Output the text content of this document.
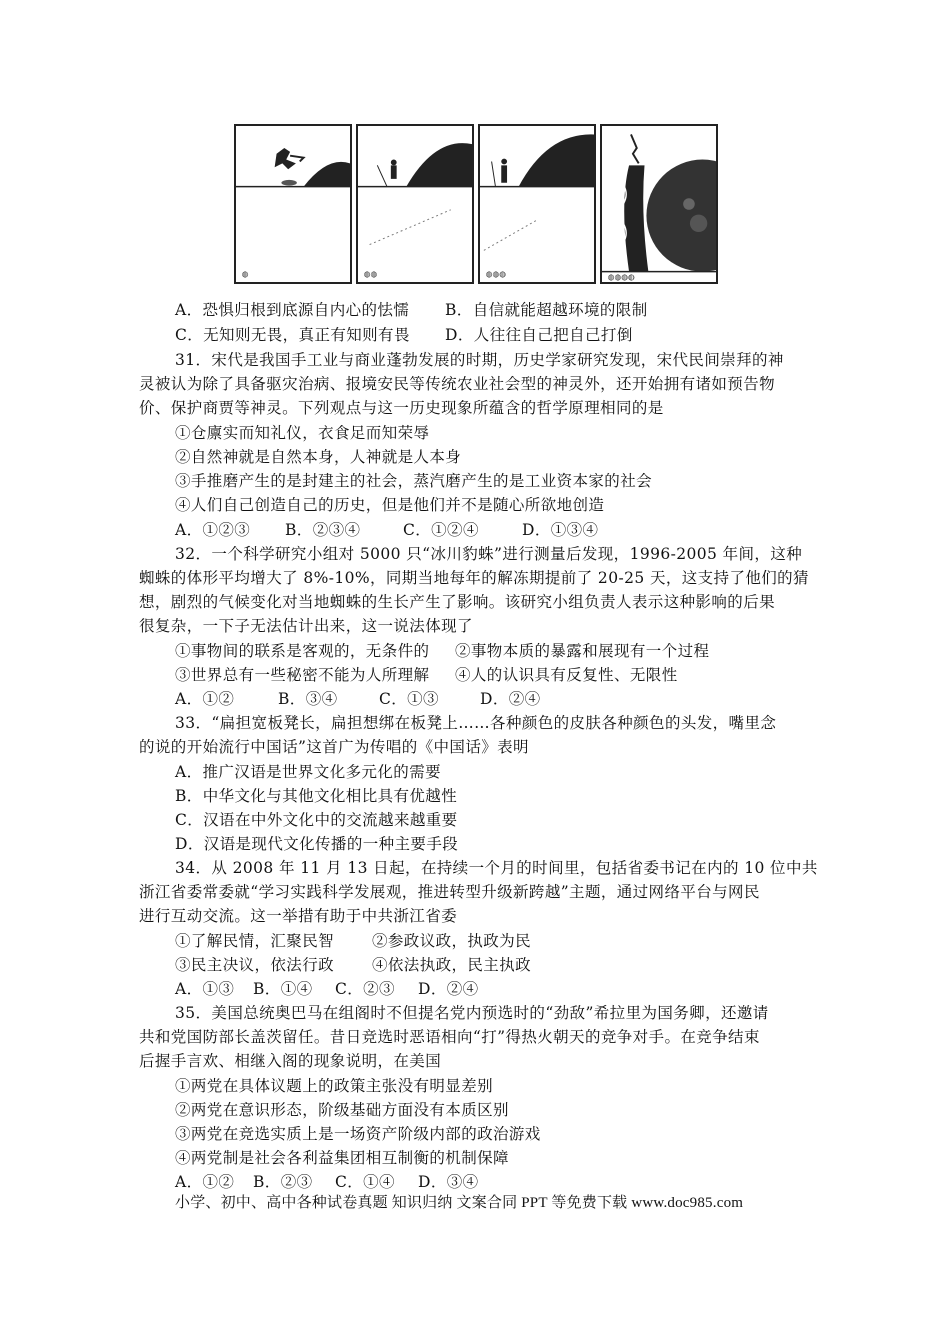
◍	◍◍	◍◍◍	◍◍◍◍
A．恐惧归根到底源自内心的怯懦 B．自信就能超越环境的限制
C．无知则无畏，真正有知则有畏 D．人往往自己把自己打倒
31．宋代是我国手工业与商业蓬勃发展的时期，历史学家研究发现，宋代民间崇拜的神
灵被认为除了具备驱灾治病、报境安民等传统农业社会型的神灵外，还开始拥有诸如预告物
价、保护商贾等神灵。下列观点与这一历史现象所蕴含的哲学原理相同的是
①仓廪实而知礼仪，衣食足而知荣辱
②自然神就是自然本身，人神就是人本身
③手推磨产生的是封建主的社会，蒸汽磨产生的是工业资本家的社会
④人们自己创造自己的历史，但是他们并不是随心所欲地创造
A．①②③ B．②③④	C．①②④	D．①③④
32．一个科学研究小组对 5000 只“冰川豹蛛”进行测量后发现，1996-2005 年间，这种
蜘蛛的体形平均增大了 8%-10%，同期当地每年的解冻期提前了 20-25 天，这支持了他们的猜
想，剧烈的气候变化对当地蜘蛛的生长产生了影响。该研究小组负责人表示这种影响的后果
很复杂，一下子无法估计出来，这一说法体现了
①事物间的联系是客观的，无条件的 ②事物本质的暴露和展现有一个过程
③世界总有一些秘密不能为人所理解 ④人的认识具有反复性、无限性
A．①②	B．③④	C．①③	D．②④
33．“扁担宽板凳长，扁担想绑在板凳上……各种颜色的皮肤各种颜色的头发，嘴里念
的说的开始流行中国话”这首广为传唱的《中国话》表明
A．推广汉语是世界文化多元化的需要
B．中华文化与其他文化相比具有优越性
C．汉语在中外文化中的交流越来越重要
D．汉语是现代文化传播的一种主要手段
34．从 2008 年 11 月 13 日起，在持续一个月的时间里，包括省委书记在内的 10 位中共
浙江省委常委就“学习实践科学发展观，推进转型升级新跨越”主题，通过网络平台与网民
进行互动交流。这一举措有助于中共浙江省委
①了解民情，汇聚民智 ②参政议政，执政为民
③民主决议，依法行政 ④依法执政，民主执政
A．①③ B．①④ C．②③ D．②④
35．美国总统奥巴马在组阁时不但提名党内预选时的“劲敌”希拉里为国务卿，还邀请
共和党国防部长盖茨留任。昔日竞选时恶语相向“打”得热火朝天的竞争对手。在竞争结束
后握手言欢、相继入阁的现象说明，在美国
①两党在具体议题上的政策主张没有明显差别
②两党在意识形态，阶级基础方面没有本质区别
③两党在竞选实质上是一场资产阶级内部的政治游戏
④两党制是社会各利益集团相互制衡的机制保障
A．①② B．②③ C．①④ D．③④
小学、初中、高中各种试卷真题 知识归纳 文案合同 PPT 等免费下载 www.doc985.com
